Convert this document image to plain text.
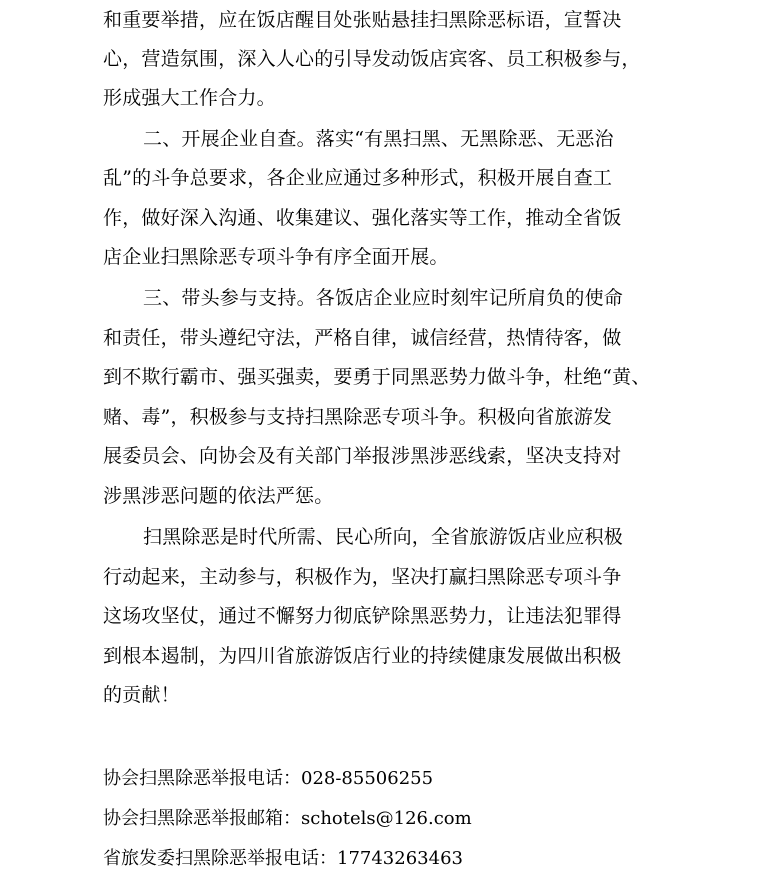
和重要举措，应在饭店醒目处张贴悬挂扫黑除恶标语，宣誓决
心，营造氛围，深入人心的引导发动饭店宾客、员工积极参与，
形成强大工作合力。
二、开展企业自查。落实“有黑扫黑、无黑除恶、无恶治
乱”的斗争总要求，各企业应通过多种形式，积极开展自查工
作，做好深入沟通、收集建议、强化落实等工作，推动全省饭
店企业扫黑除恶专项斗争有序全面开展。
三、带头参与支持。各饭店企业应时刻牢记所肩负的使命
和责任，带头遵纪守法，严格自律，诚信经营，热情待客，做
到不欺行霸市、强买强卖，要勇于同黑恶势力做斗争，杜绝“黄、
赌、毒”，积极参与支持扫黑除恶专项斗争。积极向省旅游发
展委员会、向协会及有关部门举报涉黑涉恶线索，坚决支持对
涉黑涉恶问题的依法严惩。
扫黑除恶是时代所需、民心所向，全省旅游饭店业应积极
行动起来，主动参与，积极作为，坚决打赢扫黑除恶专项斗争
这场攻坚仗，通过不懈努力彻底铲除黑恶势力，让违法犯罪得
到根本遏制，为四川省旅游饭店行业的持续健康发展做出积极
的贡献！
协会扫黑除恶举报电话：028-85506255
协会扫黑除恶举报邮箱：schotels@126.com
省旅发委扫黑除恶举报电话：17743263463
